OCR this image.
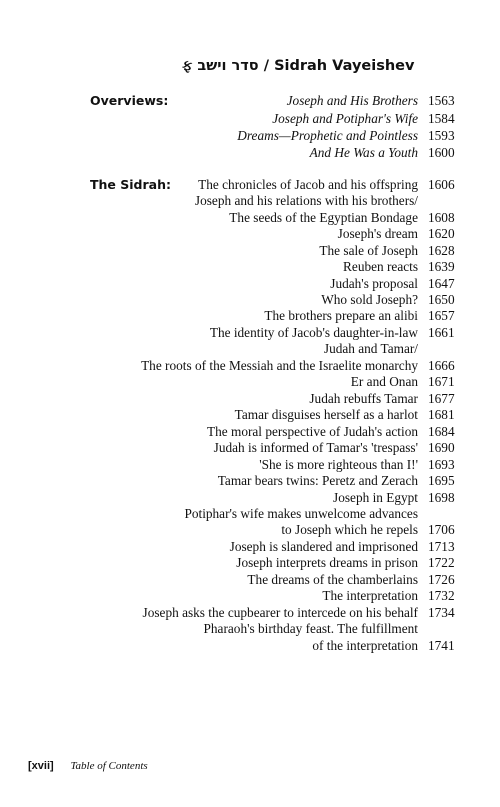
ફ סדר וישב / Sidrah Vayeishev
Overviews:	Joseph and His Brothers 1563
Joseph and Potiphar's Wife 1584
Dreams—Prophetic and Pointless 1593
And He Was a Youth 1600
The Sidrah:	The chronicles of Jacob and his offspring 1606
Joseph and his relations with his brothers/
The seeds of the Egyptian Bondage 1608
Joseph's dream 1620
The sale of Joseph 1628
Reuben reacts 1639
Judah's proposal 1647
Who sold Joseph? 1650
The brothers prepare an alibi 1657
The identity of Jacob's daughter-in-law 1661
Judah and Tamar/
The roots of the Messiah and the Israelite monarchy 1666
Er and Onan 1671
Judah rebuffs Tamar 1677
Tamar disguises herself as a harlot 1681
The moral perspective of Judah's action 1684
Judah is informed of Tamar's 'trespass' 1690
'She is more righteous than I!' 1693
Tamar bears twins: Peretz and Zerach 1695
Joseph in Egypt 1698
Potiphar's wife makes unwelcome advances
to Joseph which he repels 1706
Joseph is slandered and imprisoned 1713
Joseph interprets dreams in prison 1722
The dreams of the chamberlains 1726
The interpretation 1732
Joseph asks the cupbearer to intercede on his behalf 1734
Pharaoh's birthday feast. The fulfillment
of the interpretation 1741
[xvii] Table of Contents
